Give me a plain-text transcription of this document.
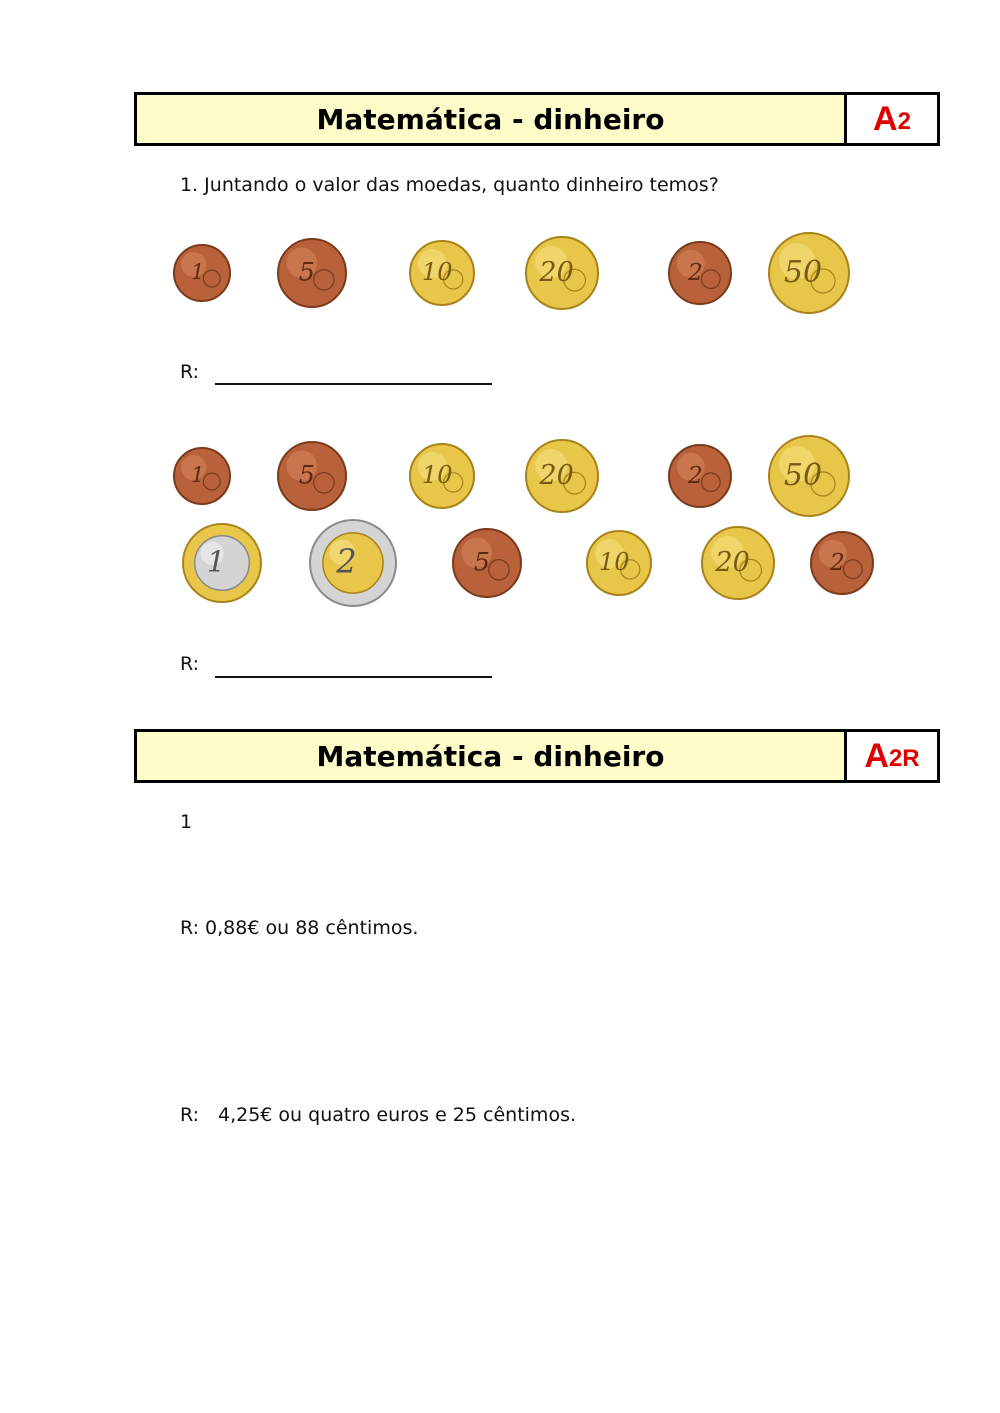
Matemática - dinheiro	A 2
1. Juntando o valor das moedas, quanto dinheiro temos?
1	5	10	20	2	50
1	5	10	20	2	50
1	2	5	10	20	2
R:
R:
Matemática - dinheiro	A 2R
1
R: 0,88€ ou 88 cêntimos.
R: 4,25€ ou quatro euros e 25 cêntimos.
